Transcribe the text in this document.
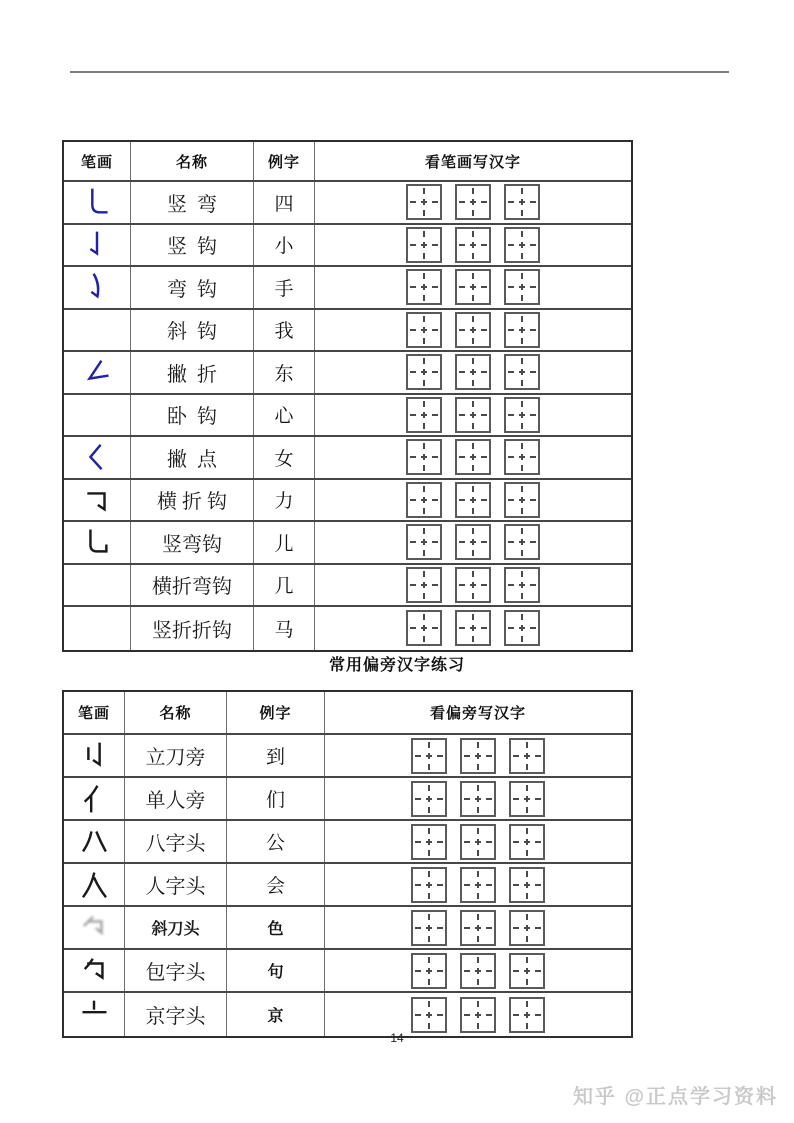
笔画	名称	例字	看笔画写汉字
竖  弯	四
竖  钩	小
弯  钩	手
斜  钩	我
撇  折	东
卧  钩	心
撇  点	女
横 折 钩	力
竖弯钩	儿
横折弯钩	几
竖折折钩	马
常用偏旁汉字练习
笔画	名称	例字	看偏旁写汉字
立刀旁	到
单人旁	们
八字头	公
人字头	会
斜刀头	色
包字头	句
京字头	京
14
知乎 @正点学习资料
